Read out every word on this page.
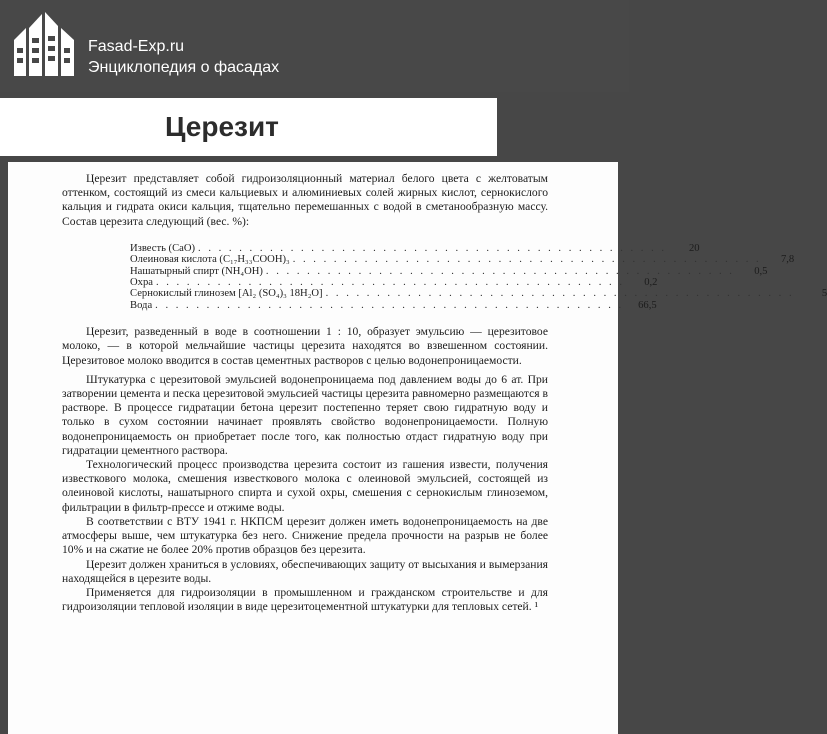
Fasad-Exp.ru
Энциклопедия о фасадах
Церезит

Церезит представляет собой гидроизоляционный материал белого цвета с желтоватым оттенком, состоящий из смеси кальциевых и алюминиевых солей жирных кислот, сернокислого кальция и гидрата окиси кальция, тщательно перемешанных с водой в сметанообразную массу. Состав церезита следующий (вес. %):

Известь (CaO) . . . . . . . . . . . . . . . . . . . . . . . . . . . . . . . . . . . . . . . . . . . . . .	20
Олеиновая кислота (C₁₇H₃₃COOH)₃ . . . . . . . . . . . . . . . . . . . . . . . . . . . . . . . . . . . . . . . . . . . . . .	7,8
Нашатырный спирт (NH₄OH) . . . . . . . . . . . . . . . . . . . . . . . . . . . . . . . . . . . . . . . . . . . . . .	0,5
Охра . . . . . . . . . . . . . . . . . . . . . . . . . . . . . . . . . . . . . . . . . . . . . .	0,2
Сернокислый глинозем [Al₂ (SO₄)₃ 18H₂O] . . . . . . . . . . . . . . . . . . . . . . . . . . . . . . . . . . . . . . . . . . . . . .	5
Вода . . . . . . . . . . . . . . . . . . . . . . . . . . . . . . . . . . . . . . . . . . . . . .	66,5

Церезит, разведенный в воде в соотношении 1 : 10, образует эмульсию — церезитовое молоко, — в которой мельчайшие частицы церезита находятся во взвешенном состоянии. Церезитовое молоко вводится в состав цементных растворов с целью водонепроницаемости.

Штукатурка с церезитовой эмульсией водонепроницаема под давлением воды до 6 ат. При затворении цемента и песка церезитовой эмульсией частицы церезита равномерно размещаются в растворе. В процессе гидратации бетона церезит постепенно теряет свою гидратную воду и только в сухом состоянии начинает проявлять свойство водонепроницаемости. Полную водонепроницаемость он приобретает после того, как полностью отдаст гидратную воду при гидратации цементного раствора.

Технологический процесс производства церезита состоит из гашения извести, получения известкового молока, смешения известкового молока с олеиновой эмульсией, состоящей из олеиновой кислоты, нашатырного спирта и сухой охры, смешения с сернокислым глиноземом, фильтрации в фильтр-прессе и отжиме воды.

В соответствии с ВТУ 1941 г. НКПСМ церезит должен иметь водонепроницаемость на две атмосферы выше, чем штукатурка без него. Снижение предела прочности на разрыв не более 10% и на сжатие не более 20% против образцов без церезита.

Церезит должен храниться в условиях, обеспечивающих защиту от высыхания и вымерзания находящейся в церезите воды.

Применяется для гидроизоляции в промышленном и гражданском строительстве и для гидроизоляции тепловой изоляции в виде церезитоцементной штукатурки для тепловых сетей. ¹
